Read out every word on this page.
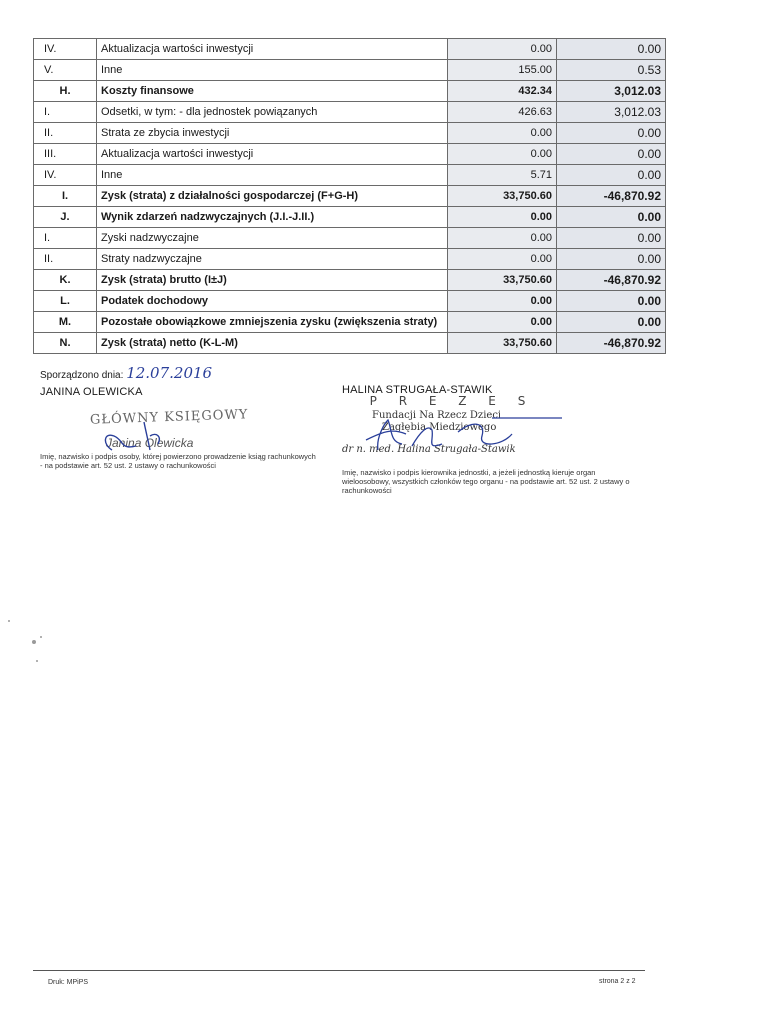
IV.	Aktualizacja wartości inwestycji	0.00	0.00
V.	Inne	155.00	0.53
H.	Koszty finansowe	432.34	3,012.03
I.	Odsetki, w tym: - dla jednostek powiązanych	426.63	3,012.03
II.	Strata ze zbycia inwestycji	0.00	0.00
III.	Aktualizacja wartości inwestycji	0.00	0.00
IV.	Inne	5.71	0.00
I.	Zysk (strata) z działalności gospodarczej (F+G-H)	33,750.60	-46,870.92
J.	Wynik zdarzeń nadzwyczajnych (J.I.-J.II.)	0.00	0.00
I.	Zyski nadzwyczajne	0.00	0.00
II.	Straty nadzwyczajne	0.00	0.00
K.	Zysk (strata) brutto (I±J)	33,750.60	-46,870.92
L.	Podatek dochodowy	0.00	0.00
M.	Pozostałe obowiązkowe zmniejszenia zysku (zwiększenia straty)	0.00	0.00
N.	Zysk (strata) netto (K-L-M)	33,750.60	-46,870.92
Sporządzono dnia: 12.07.2016
JANINA OLEWICKA
GŁÓWNY KSIĘGOWY
Janina Olewicka
Imię, nazwisko i podpis osoby, której powierzono prowadzenie ksiąg rachunkowych - na podstawie art. 52 ust. 2 ustawy o rachunkowości
HALINA STRUGAŁA-STAWIK
P R E Z E S
Fundacji Na Rzecz Dzieci
Zagłębia Miedziowego
dr n. med. Halina Strugała-Stawik
Imię, nazwisko i podpis kierownika jednostki, a jeżeli jednostką kieruje organ wieloosobowy, wszystkich członków tego organu - na podstawie art. 52 ust. 2 ustawy o rachunkowości
Druk: MPiPS	strona 2 z 2
